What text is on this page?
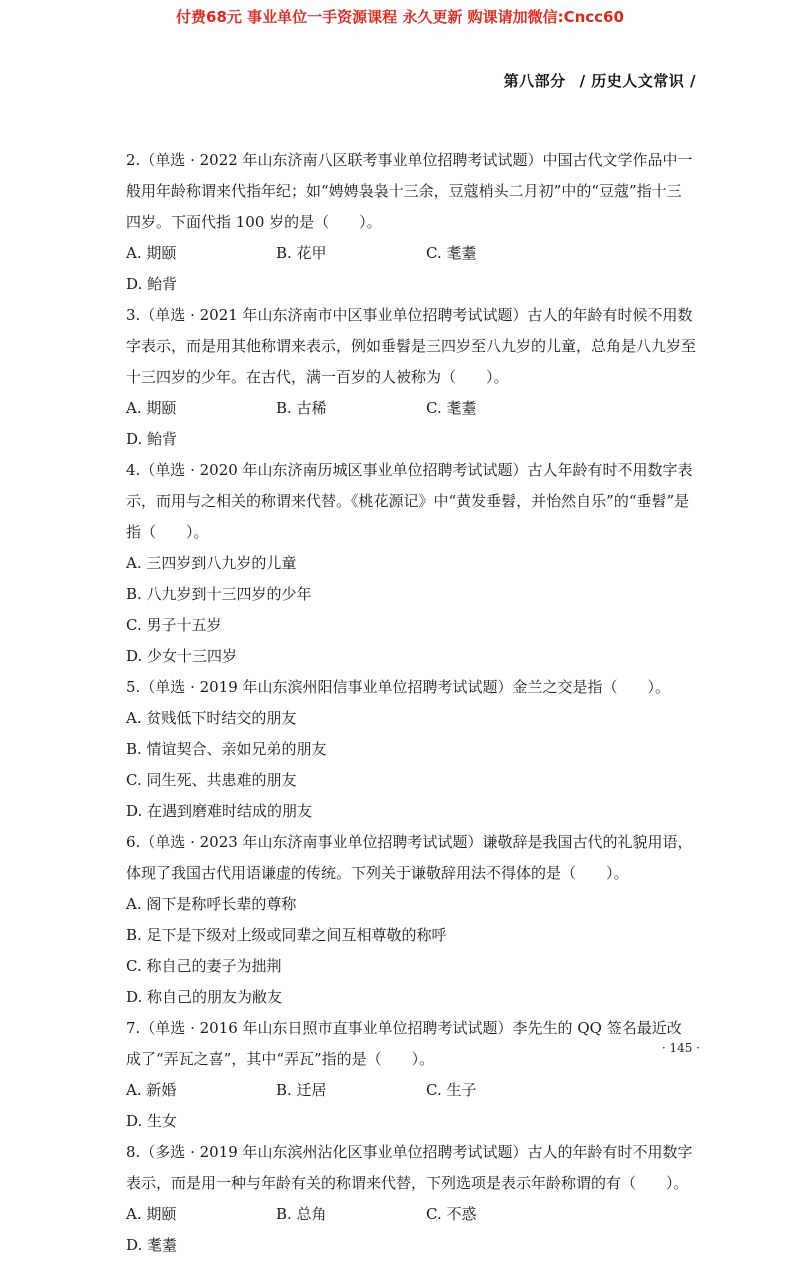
付费68元 事业单位一手资源课程 永久更新 购课请加微信:Cncc60
第八部分 / 历史人文常识 /

2.（单选 · 2022 年山东济南八区联考事业单位招聘考试试题）中国古代文学作品中一般用年龄称谓来代指年纪；如“娉娉袅袅十三余，豆蔻梢头二月初”中的“豆蔻”指十三四岁。下面代指 100 岁的是（　　）。

A. 期颐	B. 花甲	C. 耄耋
D. 鲐背

3.（单选 · 2021 年山东济南市中区事业单位招聘考试试题）古人的年龄有时候不用数字表示，而是用其他称谓来表示，例如垂髫是三四岁至八九岁的儿童，总角是八九岁至十三四岁的少年。在古代，满一百岁的人被称为（　　）。

A. 期颐	B. 古稀	C. 耄耋
D. 鲐背

4.（单选 · 2020 年山东济南历城区事业单位招聘考试试题）古人年龄有时不用数字表示，而用与之相关的称谓来代替。《桃花源记》中“黄发垂髫，并怡然自乐”的“垂髫”是指（　　）。

A. 三四岁到八九岁的儿童
B. 八九岁到十三四岁的少年
C. 男子十五岁
D. 少女十三四岁

5.（单选 · 2019 年山东滨州阳信事业单位招聘考试试题）金兰之交是指（　　）。

A. 贫贱低下时结交的朋友
B. 情谊契合、亲如兄弟的朋友
C. 同生死、共患难的朋友
D. 在遇到磨难时结成的朋友

6.（单选 · 2023 年山东济南事业单位招聘考试试题）谦敬辞是我国古代的礼貌用语，体现了我国古代用语谦虚的传统。下列关于谦敬辞用法不得体的是（　　）。

A. 阁下是称呼长辈的尊称
B. 足下是下级对上级或同辈之间互相尊敬的称呼
C. 称自己的妻子为拙荆
D. 称自己的朋友为敝友

7.（单选 · 2016 年山东日照市直事业单位招聘考试试题）李先生的 QQ 签名最近改成了“弄瓦之喜”，其中“弄瓦”指的是（　　）。

A. 新婚	B. 迁居	C. 生子
D. 生女

8.（多选 · 2019 年山东滨州沾化区事业单位招聘考试试题）古人的年龄有时不用数字表示，而是用一种与年龄有关的称谓来代替，下列选项是表示年龄称谓的有（　　）。

A. 期颐	B. 总角	C. 不惑
D. 耄耋
· 145 ·
